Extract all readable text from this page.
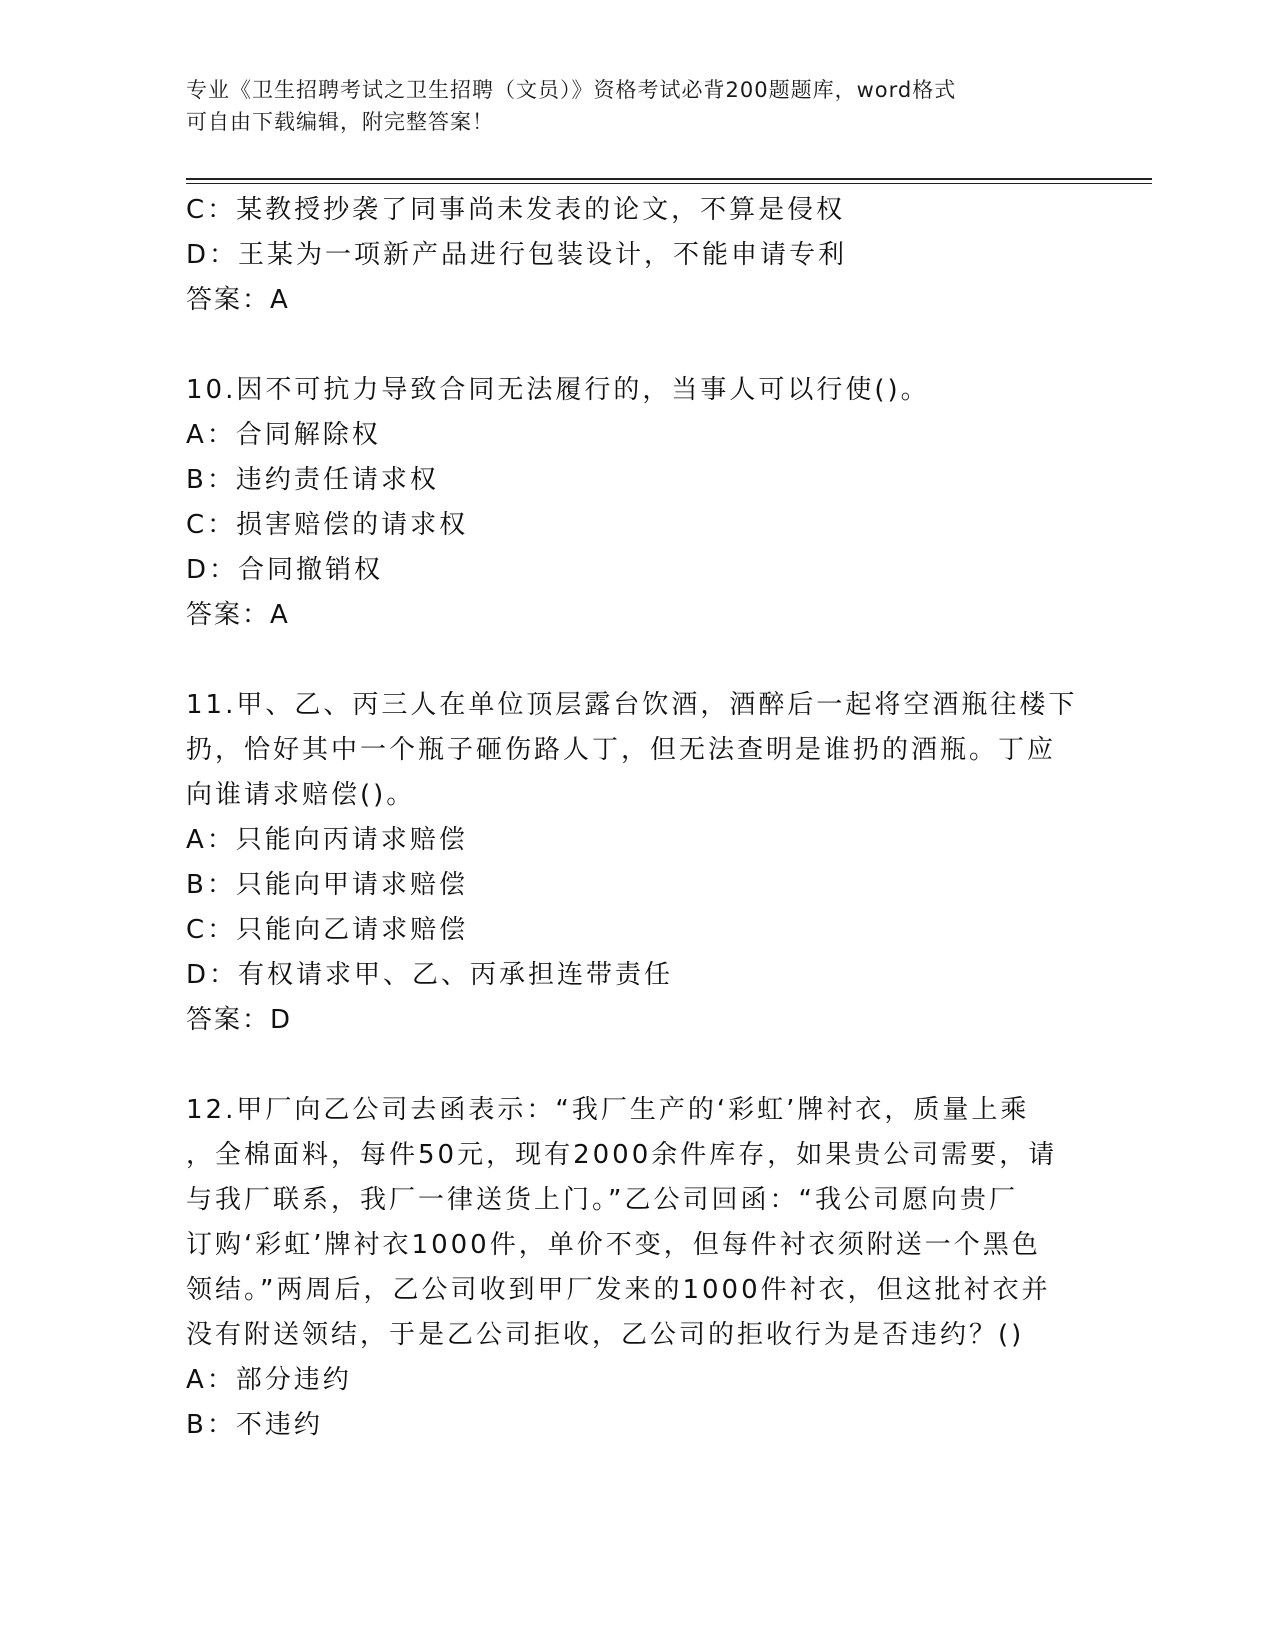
专业《卫生招聘考试之卫生招聘（文员）》资格考试必背200题题库，word格式
可自由下载编辑，附完整答案！
C：某教授抄袭了同事尚未发表的论文，不算是侵权
D：王某为一项新产品进行包装设计，不能申请专利
答案：A
10.因不可抗力导致合同无法履行的，当事人可以行使()。
A：合同解除权
B：违约责任请求权
C：损害赔偿的请求权
D：合同撤销权
答案：A
11.甲、乙、丙三人在单位顶层露台饮酒，酒醉后一起将空酒瓶往楼下
扔，恰好其中一个瓶子砸伤路人丁，但无法查明是谁扔的酒瓶。丁应
向谁请求赔偿()。
A：只能向丙请求赔偿
B：只能向甲请求赔偿
C：只能向乙请求赔偿
D：有权请求甲、乙、丙承担连带责任
答案：D
12.甲厂向乙公司去函表示：“我厂生产的‘彩虹’牌衬衣，质量上乘
，全棉面料，每件50元，现有2000余件库存，如果贵公司需要，请
与我厂联系，我厂一律送货上门。”乙公司回函：“我公司愿向贵厂
订购‘彩虹’牌衬衣1000件，单价不变，但每件衬衣须附送一个黑色
领结。”两周后，乙公司收到甲厂发来的1000件衬衣，但这批衬衣并
没有附送领结，于是乙公司拒收，乙公司的拒收行为是否违约？()
A：部分违约
B：不违约
